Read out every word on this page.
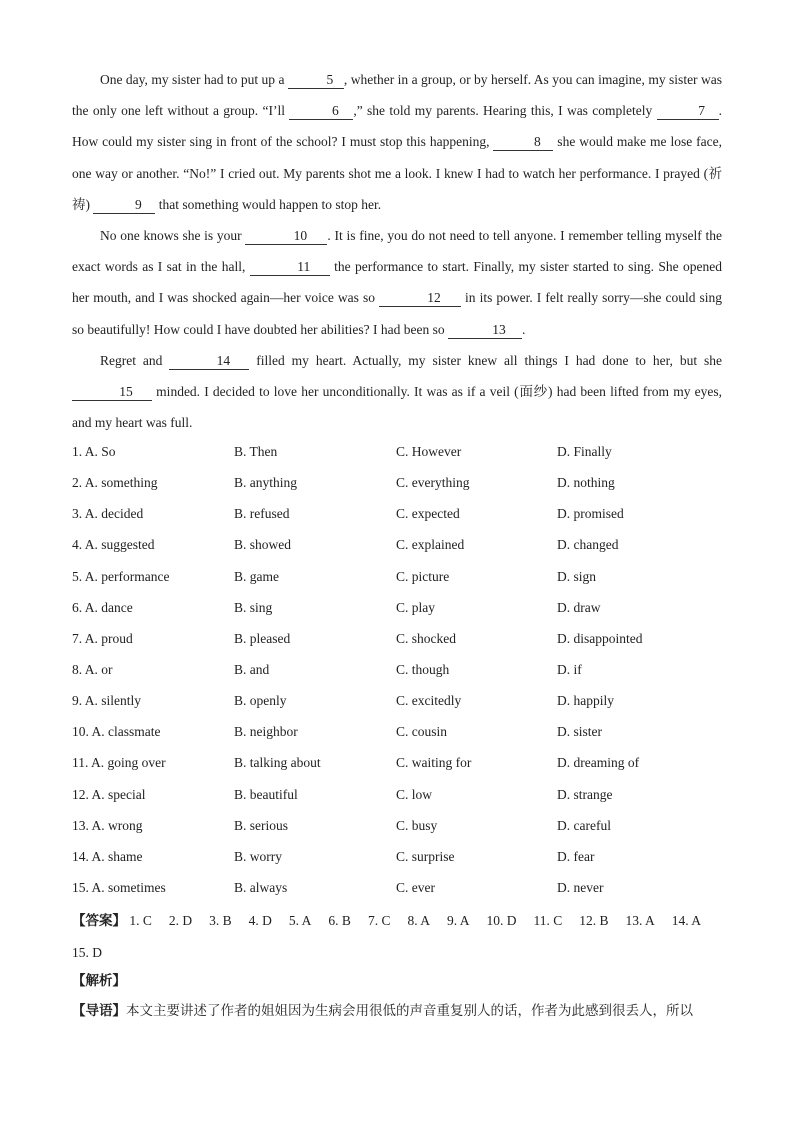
One day, my sister had to put up a	5 , whether in a group, or by herself. As you can imagine, my sister was the only one left without a group. “I’ll	6 ,” she told my parents. Hearing this, I was completely	7 . How could my sister sing in front of the school? I must stop this happening,	8 she would make me lose face, one way or another. “No!” I cried out. My parents shot me a look. I knew I had to watch her performance. I prayed (祈祷)	9 that something would happen to stop her.

No one knows she is your	10 . It is fine, you do not need to tell anyone. I remember telling myself the exact words as I sat in the hall,	11 the performance to start. Finally, my sister started to sing. She opened her mouth, and I was shocked again—her voice was so	12 in its power. I felt really sorry—she could sing so beautifully! How could I have doubted her abilities? I had been so	13 .

Regret and	14 filled my heart. Actually, my sister knew all things I had done to her, but she 15 minded. I decided to love her unconditionally. It was as if a veil (面纱) had been lifted from my eyes, and my heart was full.

1. A. So	B. Then	C. However	D. Finally
2. A. something	B. anything	C. everything	D. nothing
3. A. decided	B. refused	C. expected	D. promised
4. A. suggested	B. showed	C. explained	D. changed
5. A. performance	B. game	C. picture	D. sign
6. A. dance	B. sing	C. play	D. draw
7. A. proud	B. pleased	C. shocked	D. disappointed
8. A. or	B. and	C. though	D. if
9. A. silently	B. openly	C. excitedly	D. happily
10. A. classmate	B. neighbor	C. cousin	D. sister
11. A. going over	B. talking about	C. waiting for	D. dreaming of
12. A. special	B. beautiful	C. low	D. strange
13. A. wrong	B. serious	C. busy	D. careful
14. A. shame	B. worry	C. surprise	D. fear
15. A. sometimes	B. always	C. ever	D. never
【答案】 1. C 2. D 3. B 4. D 5. A 6. B 7. C 8. A 9. A 10. D 11. C 12. B 13. A 14. A15. D
【解析】
【导语】本文主要讲述了作者的姐姐因为生病会用很低的声音重复别人的话，作者为此感到很丢人，所以
